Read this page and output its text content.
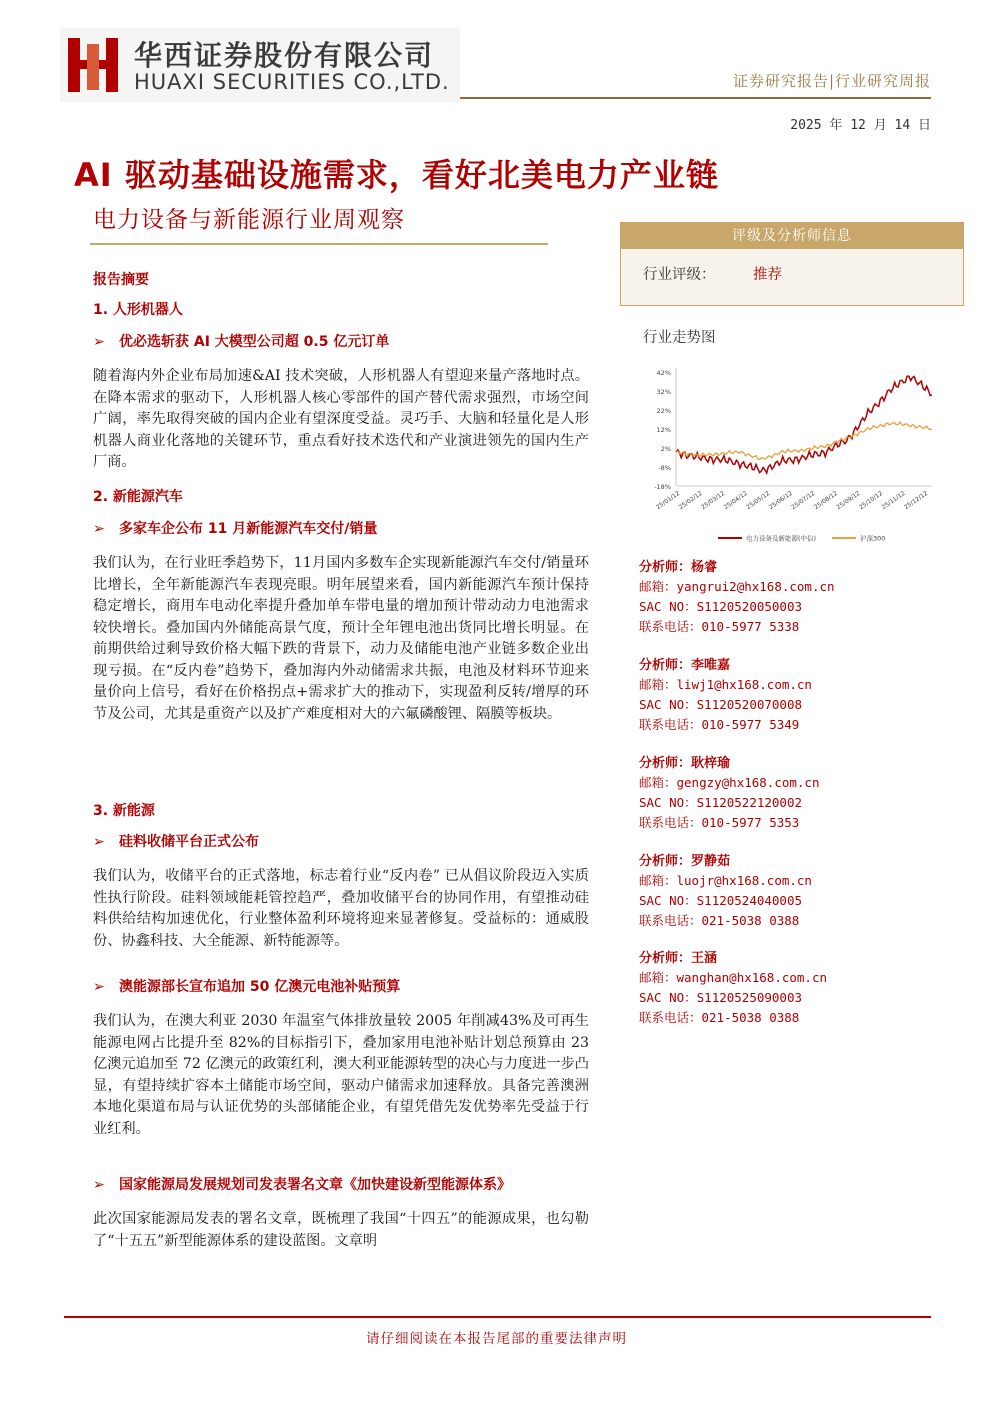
华西证券股份有限公司
HUAXI SECURITIES CO.,LTD.	证券研究报告|行业研究周报
2025 年 12 月 14 日
AI 驱动基础设施需求，看好北美电力产业链
电力设备与新能源行业周观察
报告摘要
1. 人形机器人
➢ 优必选斩获 AI 大模型公司超 0.5 亿元订单
随着海内外企业布局加速&AI 技术突破，人形机器人有望迎来量产落地时点。在降本需求的驱动下，人形机器人核心零部件的国产替代需求强烈，市场空间广阔，率先取得突破的国内企业有望深度受益。灵巧手、大脑和轻量化是人形机器人商业化落地的关键环节，重点看好技术迭代和产业演进领先的国内生产厂商。
2. 新能源汽车
➢ 多家车企公布 11 月新能源汽车交付/销量
我们认为，在行业旺季趋势下，11月国内多数车企实现新能源汽车交付/销量环比增长，全年新能源汽车表现亮眼。明年展望来看，国内新能源汽车预计保持稳定增长，商用车电动化率提升叠加单车带电量的增加预计带动动力电池需求较快增长。叠加国内外储能高景气度，预计全年锂电池出货同比增长明显。在前期供给过剩导致价格大幅下跌的背景下，动力及储能电池产业链多数企业出现亏损。在“反内卷”趋势下，叠加海内外动储需求共振，电池及材料环节迎来量价向上信号，看好在价格拐点+需求扩大的推动下，实现盈利反转/增厚的环节及公司，尤其是重资产以及扩产难度相对大的六氟磷酸锂、隔膜等板块。
3. 新能源
➢ 硅料收储平台正式公布
我们认为，收储平台的正式落地，标志着行业“反内卷” 已从倡议阶段迈入实质性执行阶段。硅料领域能耗管控趋严，叠加收储平台的协同作用，有望推动硅料供给结构加速优化，行业整体盈利环境将迎来显著修复。受益标的：通威股份、协鑫科技、大全能源、新特能源等。
➢ 澳能源部长宣布追加 50 亿澳元电池补贴预算
我们认为，在澳大利亚 2030 年温室气体排放量较 2005 年削减43%及可再生能源电网占比提升至 82%的目标指引下，叠加家用电池补贴计划总预算由 23 亿澳元追加至 72 亿澳元的政策红利，澳大利亚能源转型的决心与力度进一步凸显，有望持续扩容本土储能市场空间，驱动户储需求加速释放。具备完善澳洲本地化渠道布局与认证优势的头部储能企业，有望凭借先发优势率先受益于行业红利。
➢ 国家能源局发展规划司发表署名文章《加快建设新型能源体系》
此次国家能源局发表的署名文章，既梳理了我国“十四五”的能源成果，也勾勒了“十五五”新型能源体系的建设蓝图。文章明
评级及分析师信息
行业评级：	推荐
行业走势图
42%
32%
22%
12%
2%
-8%
-18%
25/01/12
25/02/12
25/03/12
25/04/12
25/05/12
25/06/12
25/07/12
25/08/12
25/09/12
25/10/12
25/11/12
25/12/12
电力设备及新能源(中信)	沪深300
分析师：杨睿
邮箱：yangrui2@hx168.com.cn
SAC NO：S1120520050003
联系电话：010-5977 5338
分析师：李唯嘉
邮箱：liwj1@hx168.com.cn
SAC NO：S1120520070008
联系电话：010-5977 5349
分析师：耿梓瑜
邮箱：gengzy@hx168.com.cn
SAC NO：S1120522120002
联系电话：010-5977 5353
分析师：罗静茹
邮箱：luojr@hx168.com.cn
SAC NO：S1120524040005
联系电话：021-5038 0388
分析师：王涵
邮箱：wanghan@hx168.com.cn
SAC NO：S1120525090003
联系电话：021-5038 0388
请仔细阅读在本报告尾部的重要法律声明
